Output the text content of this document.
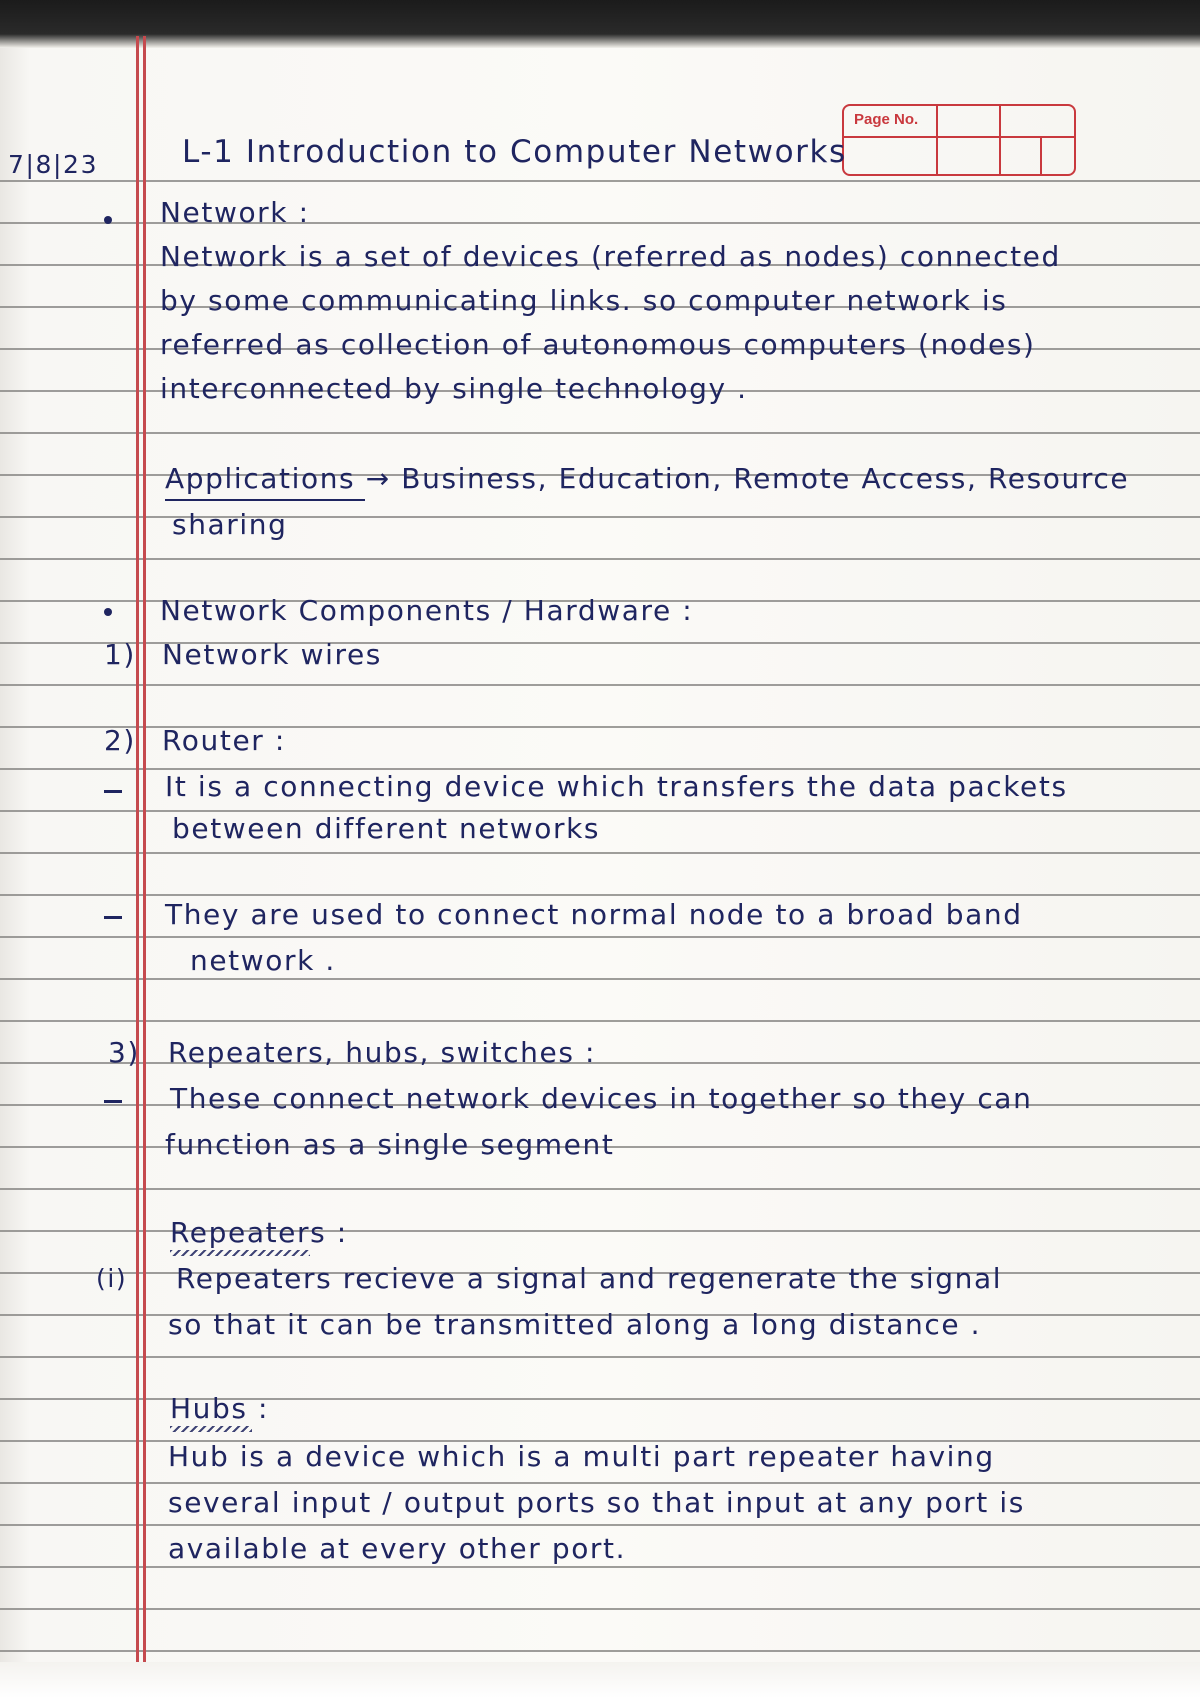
Page No.
7|8|23	L-1 Introduction to Computer Networks
Network :
Network is a set of devices (referred as nodes) connected
by some communicating links. so computer network is
referred as collection of autonomous computers (nodes)
interconnected by single technology .
Applications → Business, Education, Remote Access, Resource
sharing
Network Components / Hardware :
1) Network wires
2) Router :
It is a connecting device which transfers the data packets
between different networks
They are used to connect normal node to a broad band
network .
3) Repeaters, hubs, switches :
These connect network devices in together so they can
function as a single segment
Repeaters :
(i) Repeaters recieve a signal and regenerate the signal
so that it can be transmitted along a long distance .
Hubs :
Hub is a device which is a multi part repeater having
several input / output ports so that input at any port is
available at every other port.
